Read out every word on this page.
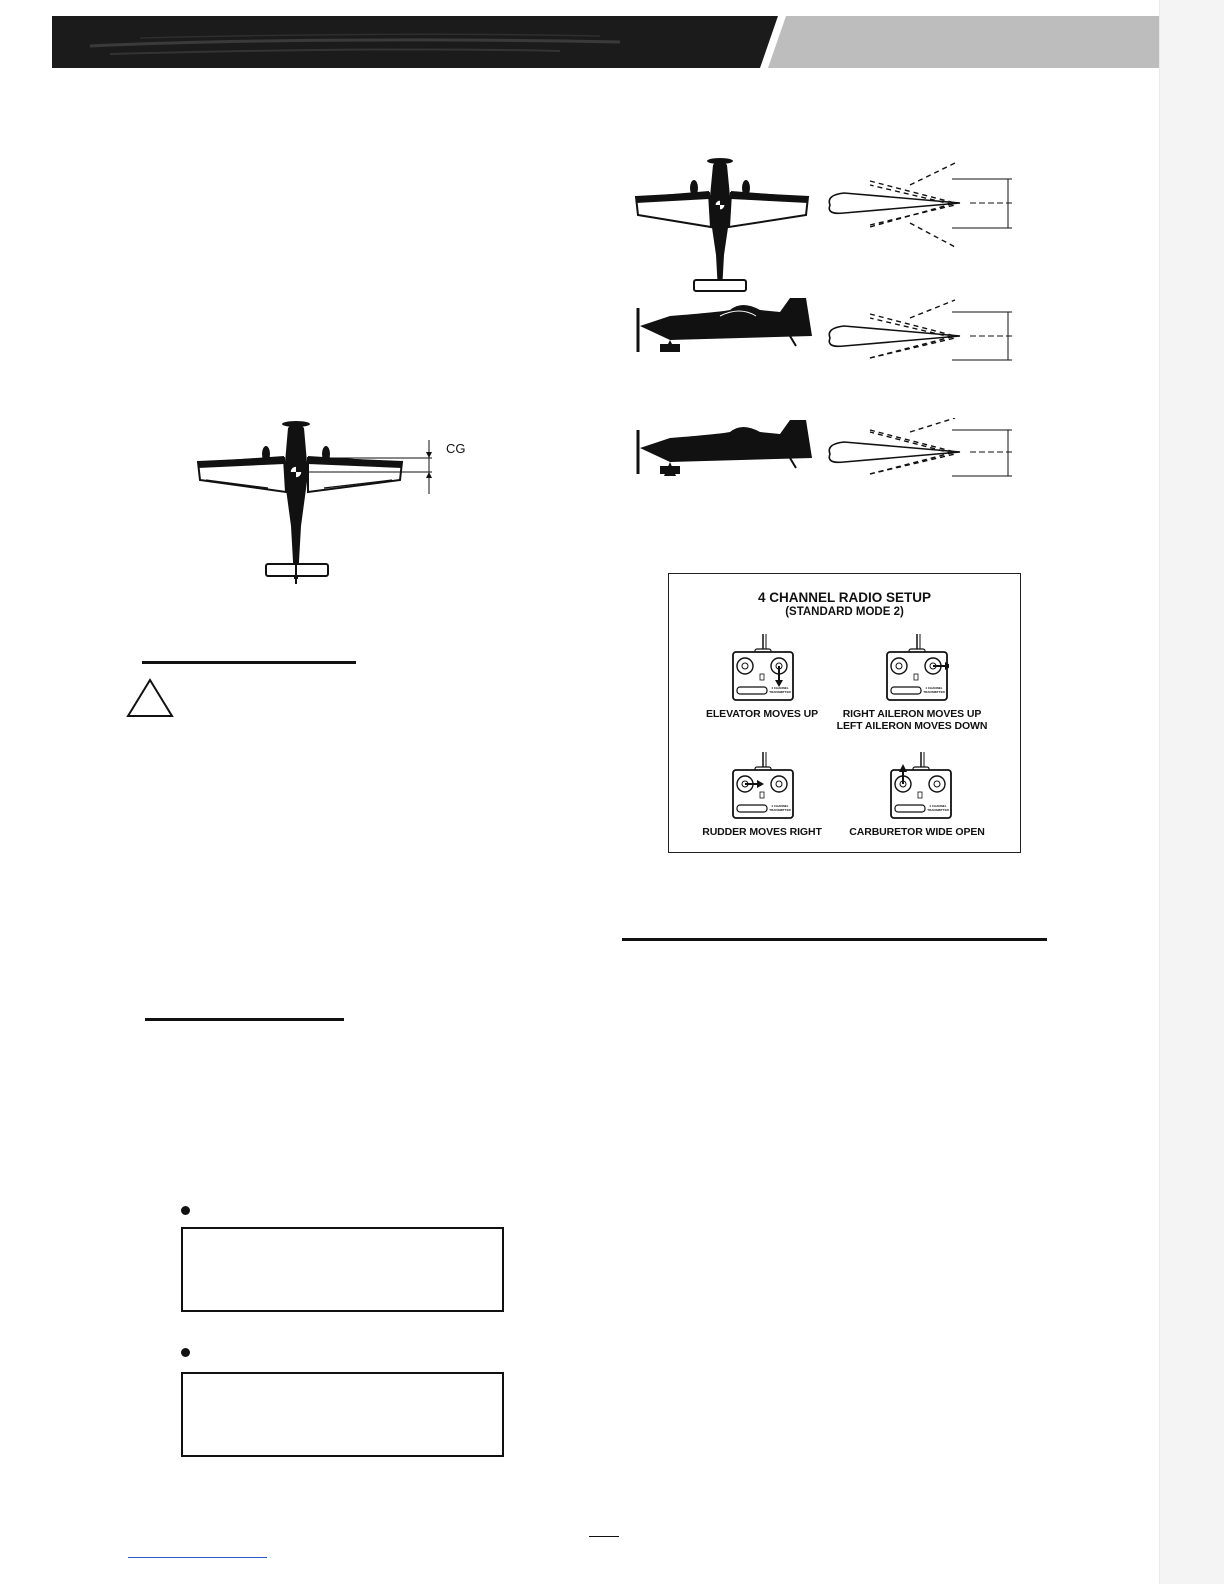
CG
4 CHANNEL RADIO SETUP
(STANDARD MODE 2)
4 CHANNEL TRANSMITTER
ELEVATOR MOVES UP
4 CHANNEL TRANSMITTER
RIGHT AILERON MOVES UP
LEFT AILERON MOVES DOWN
4 CHANNEL TRANSMITTER
RUDDER MOVES RIGHT
4 CHANNEL TRANSMITTER
CARBURETOR WIDE OPEN
